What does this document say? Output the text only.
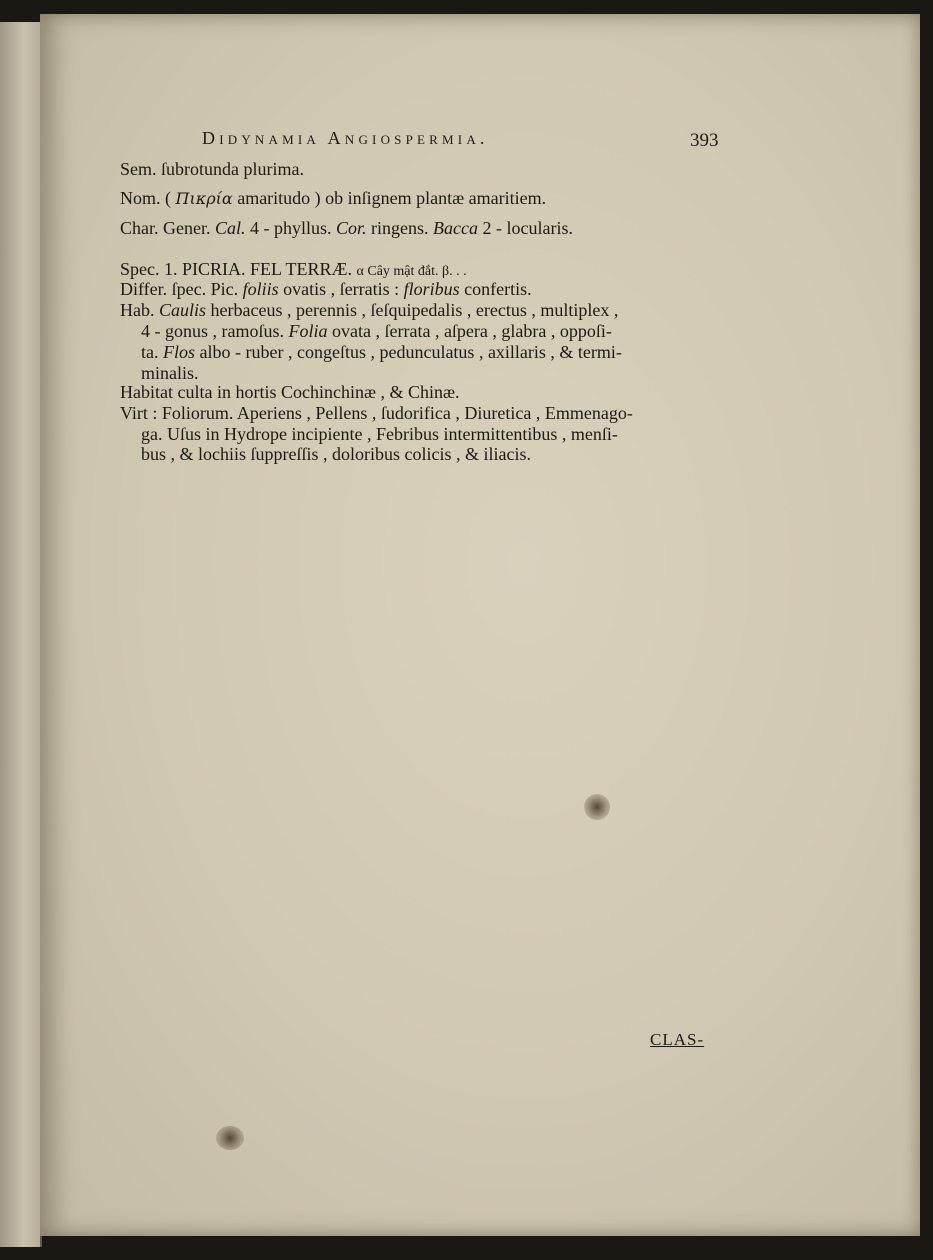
Didynamia Angiospermia.	393
Sem. ſubrotunda plurima.
Nom. ( Πικρία amaritudo ) ob inſignem plantæ amaritiem.
Char. Gener. Cal. 4 - phyllus. Cor. ringens. Bacca 2 - locularis.
Spec. 1. PICRIA. FEL TERRÆ. α Cây mật đắt. β. . .
Differ. ſpec. Pic. foliis ovatis , ſerratis : floribus confertis.
Hab. Caulis herbaceus , perennis , ſeſquipedalis , erectus , multiplex ,
4 - gonus , ramoſus. Folia ovata , ſerrata , aſpera , glabra , oppoſi-
ta. Flos albo - ruber , congeſtus , pedunculatus , axillaris , & termi-
minalis.
Habitat culta in hortis Cochinchinæ , & Chinæ.
Virt : Foliorum. Aperiens , Pellens , ſudorifica , Diuretica , Emmenago-
ga. Uſus in Hydrope incipiente , Febribus intermittentibus , menſi-
bus , & lochiis ſuppreſſis , doloribus colicis , & iliacis.
CLAS-
